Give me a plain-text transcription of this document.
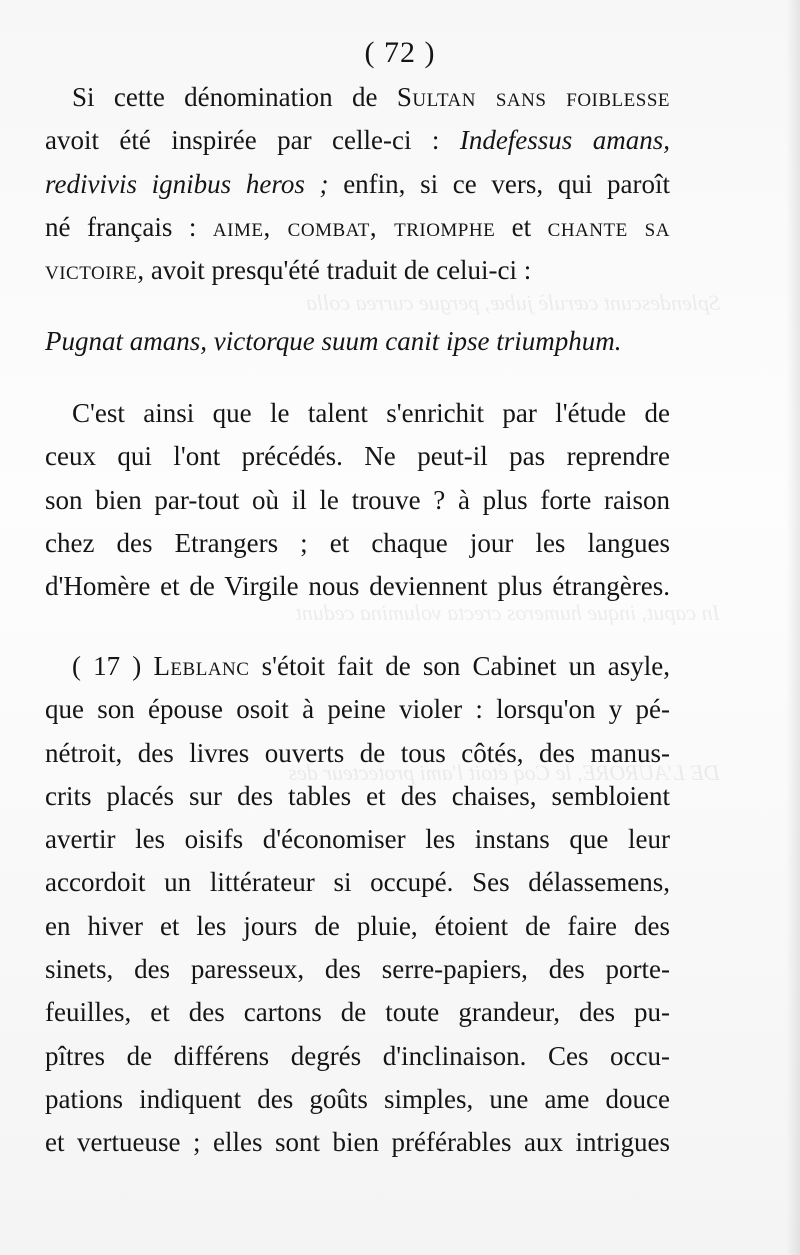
Splendescunt cærulè jubæ, pergue currea colla
In caput, inque humeros crecta volumina cedunt
DE L'AURORE, le Coq étoit l'ami protecteur des
( 72 )
Si cette dénomination de Sultan sans foiblesse
avoit été inspirée par celle-ci : Indefessus amans,
redivivis ignibus heros ; enfin, si ce vers, qui paroît
né français : aime, combat, triomphe et chante sa
victoire, avoit presqu'été traduit de celui-ci :
Pugnat amans, victorque suum canit ipse triumphum.
C'est ainsi que le talent s'enrichit par l'étude de
ceux qui l'ont précédés. Ne peut-il pas reprendre
son bien par-tout où il le trouve ? à plus forte raison
chez des Etrangers ; et chaque jour les langues
d'Homère et de Virgile nous deviennent plus étrangères.
( 17 ) Leblanc s'étoit fait de son Cabinet un asyle,
que son épouse osoit à peine violer : lorsqu'on y pé-
nétroit, des livres ouverts de tous côtés, des manus-
crits placés sur des tables et des chaises, sembloient
avertir les oisifs d'économiser les instans que leur
accordoit un littérateur si occupé. Ses délassemens,
en hiver et les jours de pluie, étoient de faire des
sinets, des paresseux, des serre-papiers, des porte-
feuilles, et des cartons de toute grandeur, des pu-
pîtres de différens degrés d'inclinaison. Ces occu-
pations indiquent des goûts simples, une ame douce
et vertueuse ; elles sont bien préférables aux intrigues
